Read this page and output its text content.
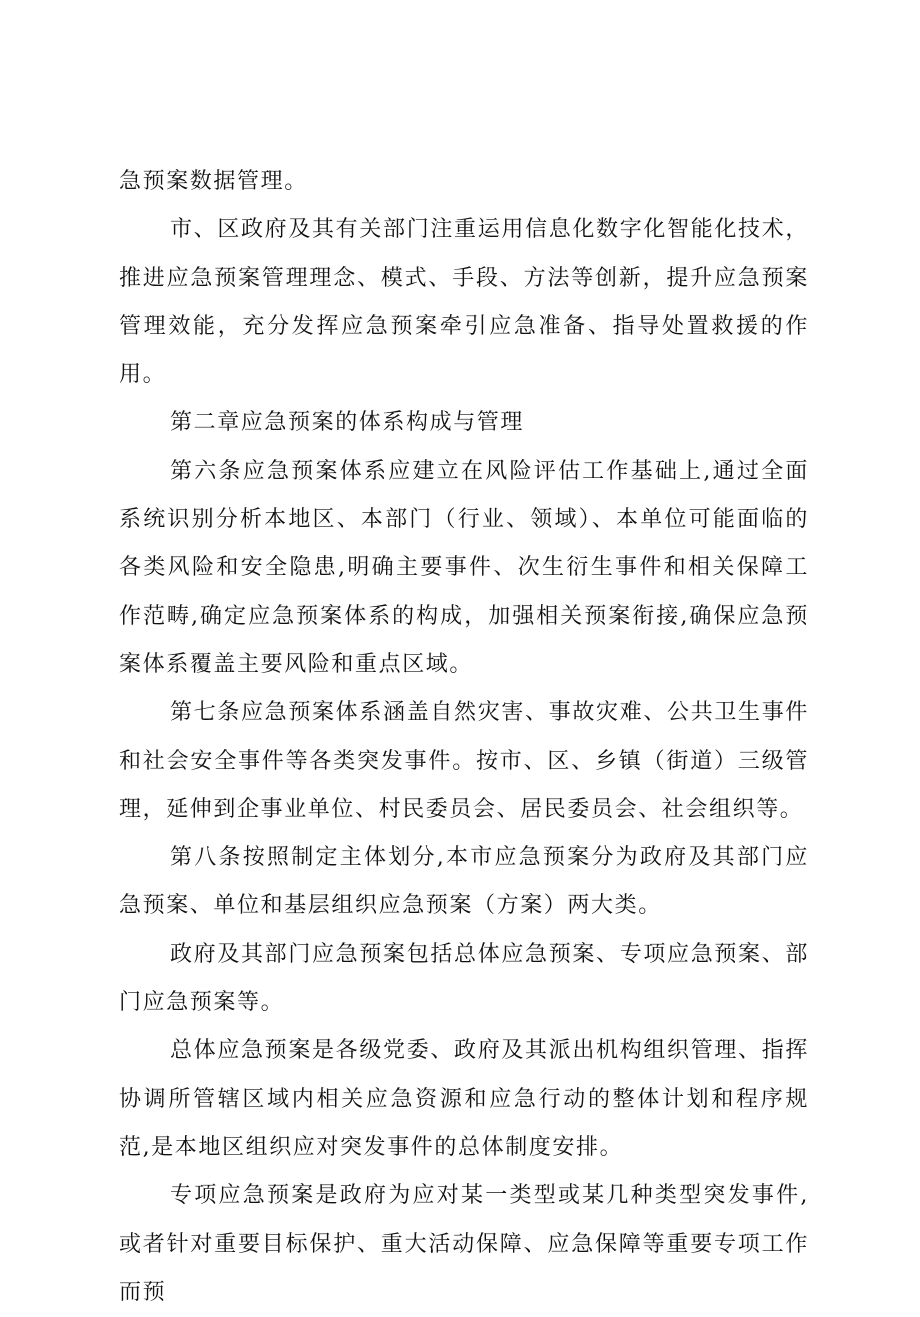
急预案数据管理。

市、区政府及其有关部门注重运用信息化数字化智能化技术，推进应急预案管理理念、模式、手段、方法等创新，提升应急预案管理效能，充分发挥应急预案牵引应急准备、指导处置救援的作用。

第二章应急预案的体系构成与管理

第六条应急预案体系应建立在风险评估工作基础上,通过全面系统识别分析本地区、本部门（行业、领域）、本单位可能面临的各类风险和安全隐患,明确主要事件、次生衍生事件和相关保障工作范畴,确定应急预案体系的构成，加强相关预案衔接,确保应急预案体系覆盖主要风险和重点区域。

第七条应急预案体系涵盖自然灾害、事故灾难、公共卫生事件和社会安全事件等各类突发事件。按市、区、乡镇（街道）三级管理，延伸到企事业单位、村民委员会、居民委员会、社会组织等。

第八条按照制定主体划分,本市应急预案分为政府及其部门应急预案、单位和基层组织应急预案（方案）两大类。

政府及其部门应急预案包括总体应急预案、专项应急预案、部门应急预案等。

总体应急预案是各级党委、政府及其派出机构组织管理、指挥协调所管辖区域内相关应急资源和应急行动的整体计划和程序规范,是本地区组织应对突发事件的总体制度安排。

专项应急预案是政府为应对某一类型或某几种类型突发事件,或者针对重要目标保护、重大活动保障、应急保障等重要专项工作而预
